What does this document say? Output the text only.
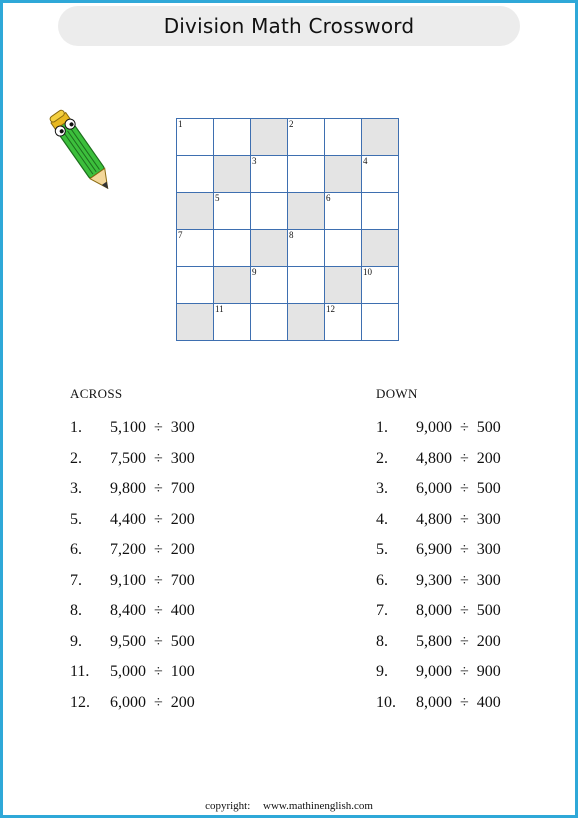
Division Math Crossword
1	2
3	4
5	6
7	8
9	10
11	12
ACROSS	DOWN
1. 5,100  ÷  300
2. 7,500  ÷  300
3. 9,800  ÷  700
5. 4,400  ÷  200
6. 7,200  ÷  200
7. 9,100  ÷  700
8. 8,400  ÷  400
9. 9,500  ÷  500
11. 5,000  ÷  100
12. 6,000  ÷  200
1. 9,000  ÷  500
2. 4,800  ÷  200
3. 6,000  ÷  500
4. 4,800  ÷  300
5. 6,900  ÷  300
6. 9,300  ÷  300
7. 8,000  ÷  500
8. 5,800  ÷  200
9. 9,000  ÷  900
10. 8,000  ÷  400
copyright: www.mathinenglish.com
